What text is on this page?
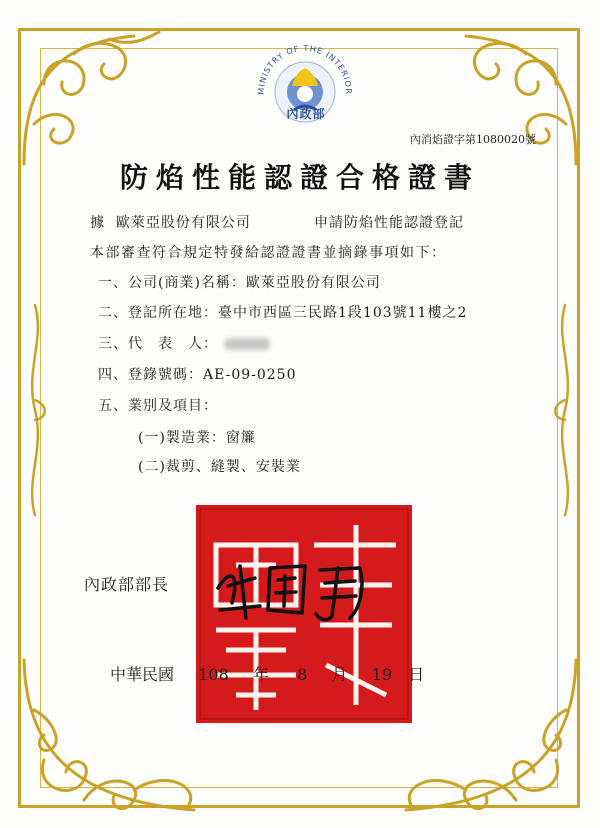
MINISTRY OF THE INTERIOR
內政部
內消焰證字第1080020號
防焰性能認證合格證書
據 歐萊亞股份有限公司	申請防焰性能認證登記
本部審查符合規定特發給認證證書並摘錄事項如下：
一、公司(商業)名稱：歐萊亞股份有限公司
二、登記所在地：臺中市西區三民路1段103號11樓之2
三、代　表　人：
四、登錄號碼：AE-09-0250
五、業別及項目：
(一)製造業：窗簾
(二)裁剪、縫製、安裝業
內政部部長
中華民國 108 年 8 月 19 日
